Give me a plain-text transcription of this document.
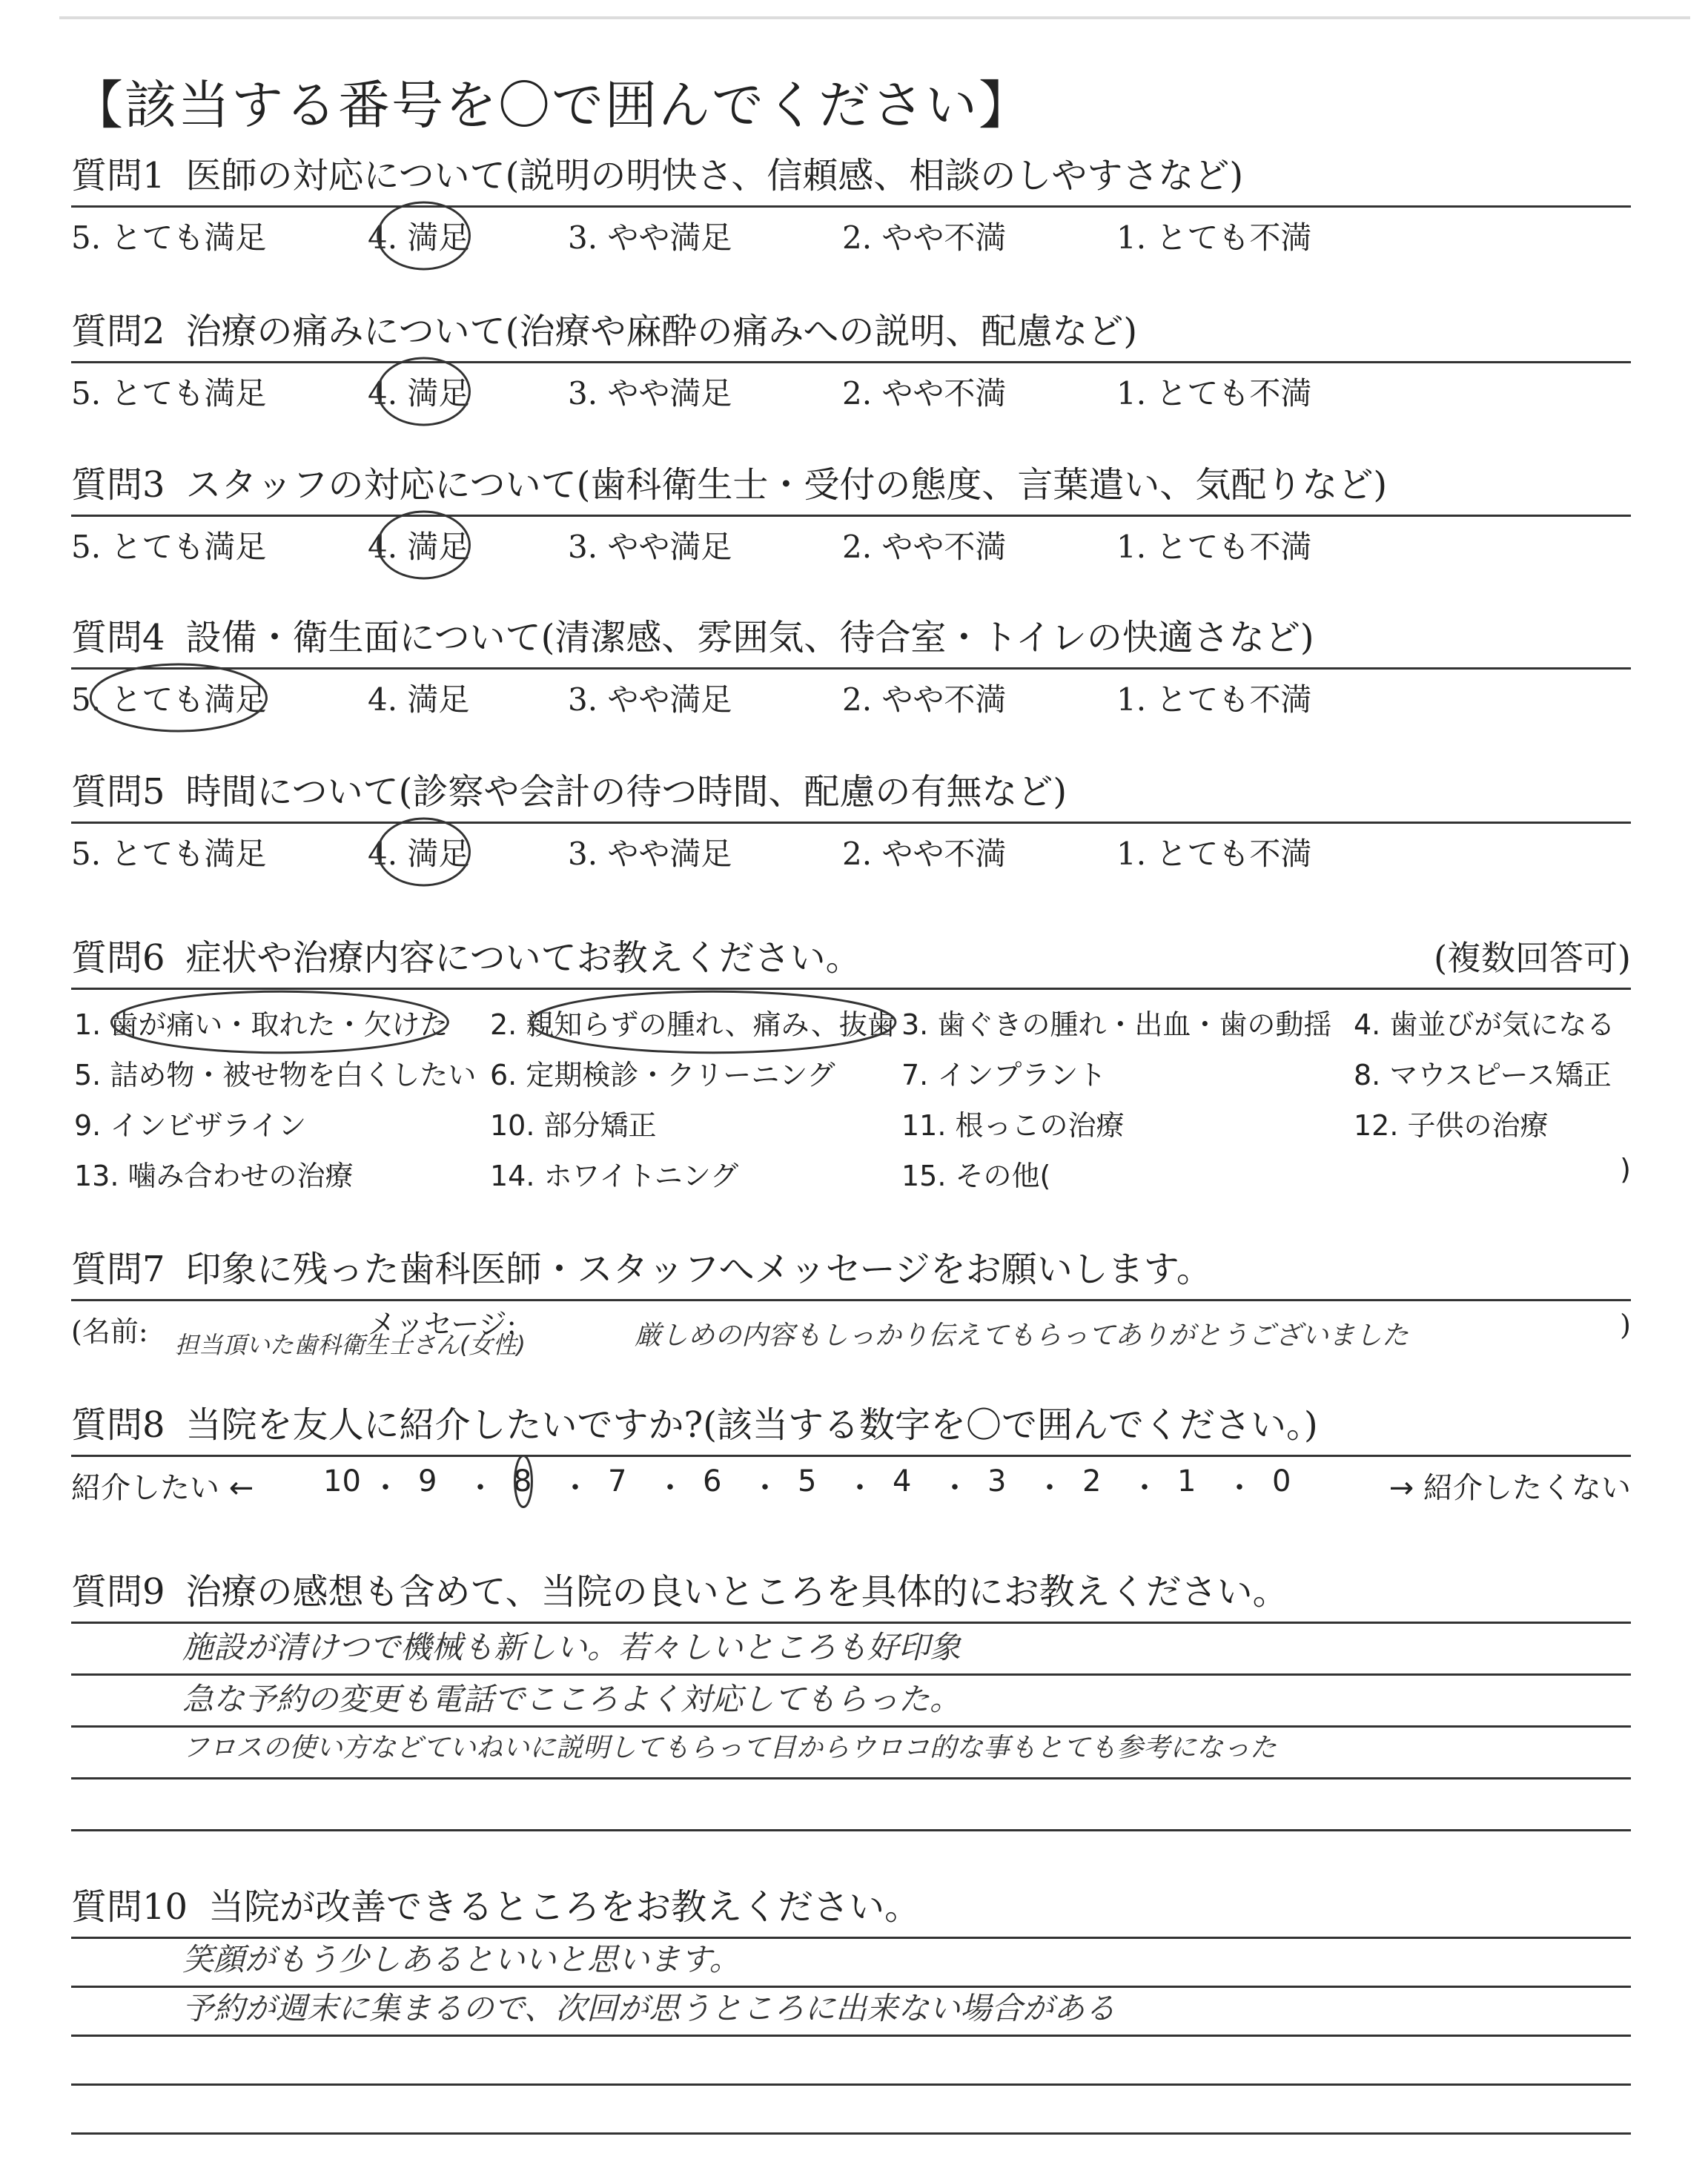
【該当する番号を〇で囲んでください】
質問1 医師の対応について(説明の明快さ、信頼感、相談のしやすさなど)
5. とても満足	4. 満足	3. やや満足	2. やや不満	1. とても不満
質問2 治療の痛みについて(治療や麻酔の痛みへの説明、配慮など)
5. とても満足	4. 満足	3. やや満足	2. やや不満	1. とても不満
質問3 スタッフの対応について(歯科衛生士・受付の態度、言葉遣い、気配りなど)
5. とても満足	4. 満足	3. やや満足	2. やや不満	1. とても不満
質問4 設備・衛生面について(清潔感、雰囲気、待合室・トイレの快適さなど)
5. とても満足	4. 満足	3. やや満足	2. やや不満	1. とても不満
質問5 時間について(診察や会計の待つ時間、配慮の有無など)
5. とても満足	4. 満足	3. やや満足	2. やや不満	1. とても不満
質問6 症状や治療内容についてお教えください。	(複数回答可)
1. 歯が痛い・取れた・欠けた 2. 親知らずの腫れ、痛み、抜歯 3. 歯ぐきの腫れ・出血・歯の動揺 4. 歯並びが気になる
5. 詰め物・被せ物を白くしたい 6. 定期検診・クリーニング 7. インプラント	8. マウスピース矯正
9. インビザライン	10. 部分矯正	11. 根っこの治療	12. 子供の治療
13. 噛み合わせの治療	14. ホワイトニング	15. その他(	)
質問7 印象に残った歯科医師・スタッフへメッセージをお願いします。
(名前: 担当頂いた歯科衛生士さん(女性)
メッセージ:	厳しめの内容もしっかり伝えてもらってありがとうございました	)
質問8 当院を友人に紹介したいですか?(該当する数字を〇で囲んでください。)
紹介したい ←	→ 紹介したくない
10 ・ 9 ・ 8 ・ 7 ・ 6 ・ 5 ・ 4 ・ 3 ・ 2 ・ 1 ・ 0
質問9 治療の感想も含めて、当院の良いところを具体的にお教えください。
施設が清けつで機械も新しい。若々しいところも好印象
急な予約の変更も電話でこころよく対応してもらった。
フロスの使い方などていねいに説明してもらって目からウロコ的な事もとても参考になった
質問10 当院が改善できるところをお教えください。
笑顔がもう少しあるといいと思います。
予約が週末に集まるので、次回が思うところに出来ない場合がある
